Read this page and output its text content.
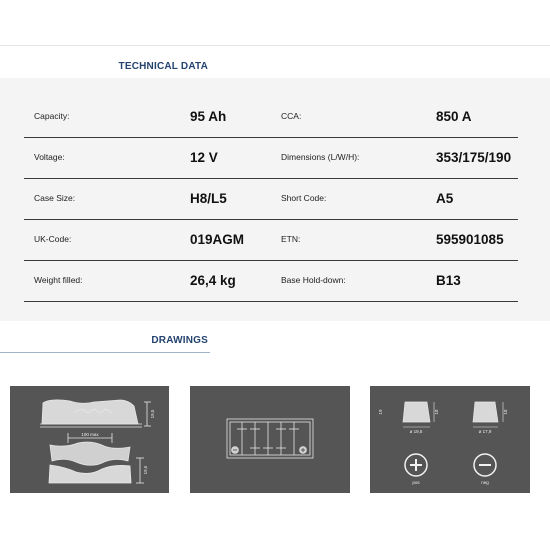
TECHNICAL DATA
Capacity:	95 Ah	CCA:	850 A
Voltage:	12 V	Dimensions (L/W/H):	353/175/190
Case Size:	H8/L5	Short Code:	A5
UK-Code:	019AGM	ETN:	595901085
Weight filled:	26,4 kg	Base Hold-down:	B13
DRAWINGS
19,5
100 max
19,5
19	18	18
ø 19,5	ø 17,9
pos	neg
